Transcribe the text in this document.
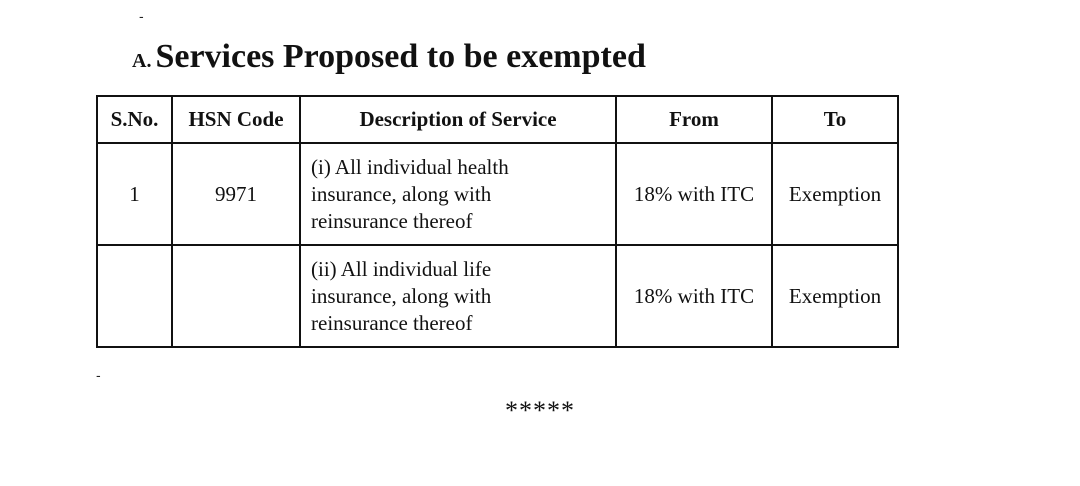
-
A. Services Proposed to be exempted
S.No.	HSN Code	Description of Service	From	To
1	9971	(i) All individual health
insurance, along with
reinsurance thereof	18% with ITC	Exemption

		(ii) All individual life
insurance, along with
reinsurance thereof	18% with ITC	Exemption
-
*****
